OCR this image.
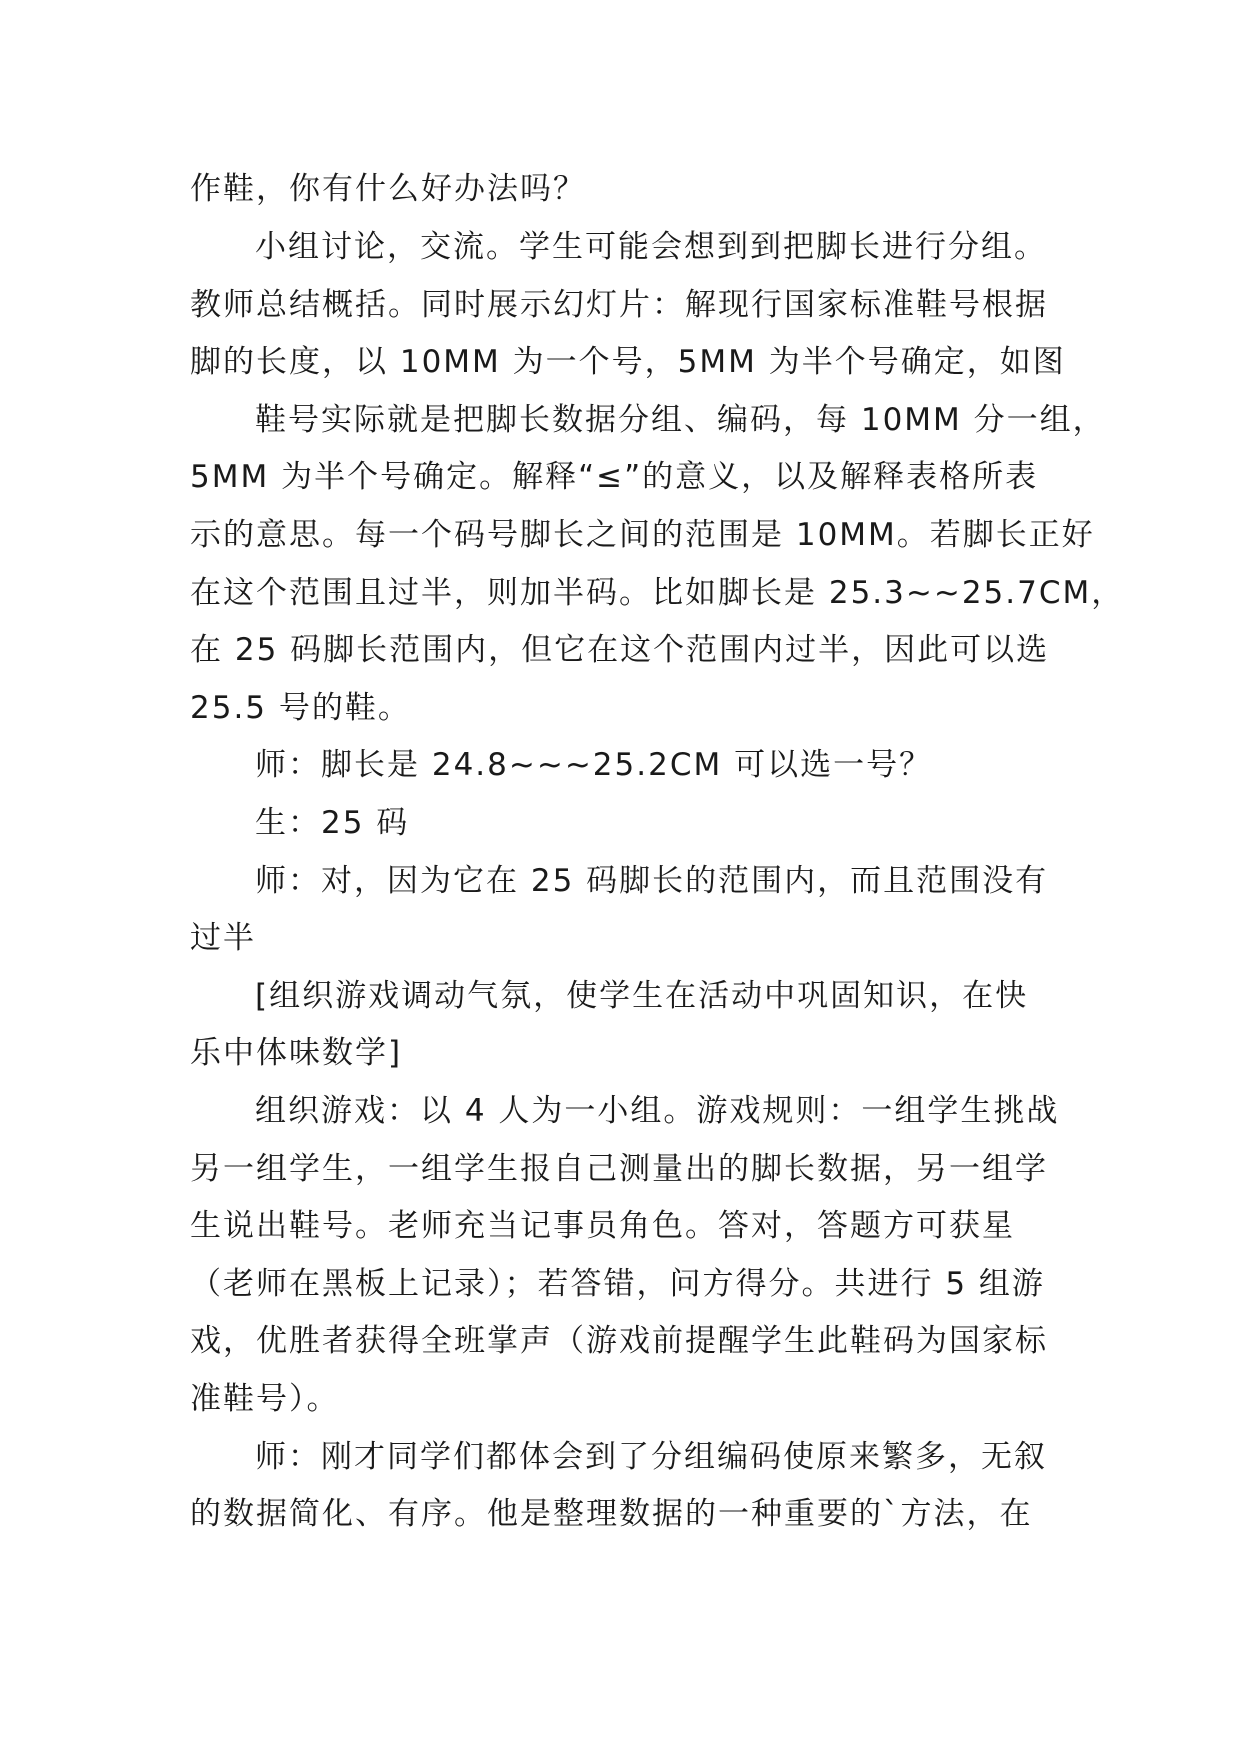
作鞋，你有什么好办法吗？
小组讨论，交流。学生可能会想到到把脚长进行分组。
教师总结概括。同时展示幻灯片：解现行国家标准鞋号根据
脚的长度，以 10MM 为一个号，5MM 为半个号确定，如图
鞋号实际就是把脚长数据分组、编码，每 10MM 分一组，
5MM 为半个号确定。解释“≤”的意义，以及解释表格所表
示的意思。每一个码号脚长之间的范围是 10MM。若脚长正好
在这个范围且过半，则加半码。比如脚长是 25.3~~25.7CM，
在 25 码脚长范围内，但它在这个范围内过半，因此可以选
25.5 号的鞋。
师：脚长是 24.8~~~25.2CM 可以选一号？
生：25 码
师：对，因为它在 25 码脚长的范围内，而且范围没有
过半
[组织游戏调动气氛，使学生在活动中巩固知识，在快
乐中体味数学]
组织游戏：以 4 人为一小组。游戏规则：一组学生挑战
另一组学生，一组学生报自己测量出的脚长数据，另一组学
生说出鞋号。老师充当记事员角色。答对，答题方可获星
（老师在黑板上记录）；若答错，问方得分。共进行 5 组游
戏，优胜者获得全班掌声（游戏前提醒学生此鞋码为国家标
准鞋号）。
师：刚才同学们都体会到了分组编码使原来繁多，无叙
的数据简化、有序。他是整理数据的一种重要的`方法，在
